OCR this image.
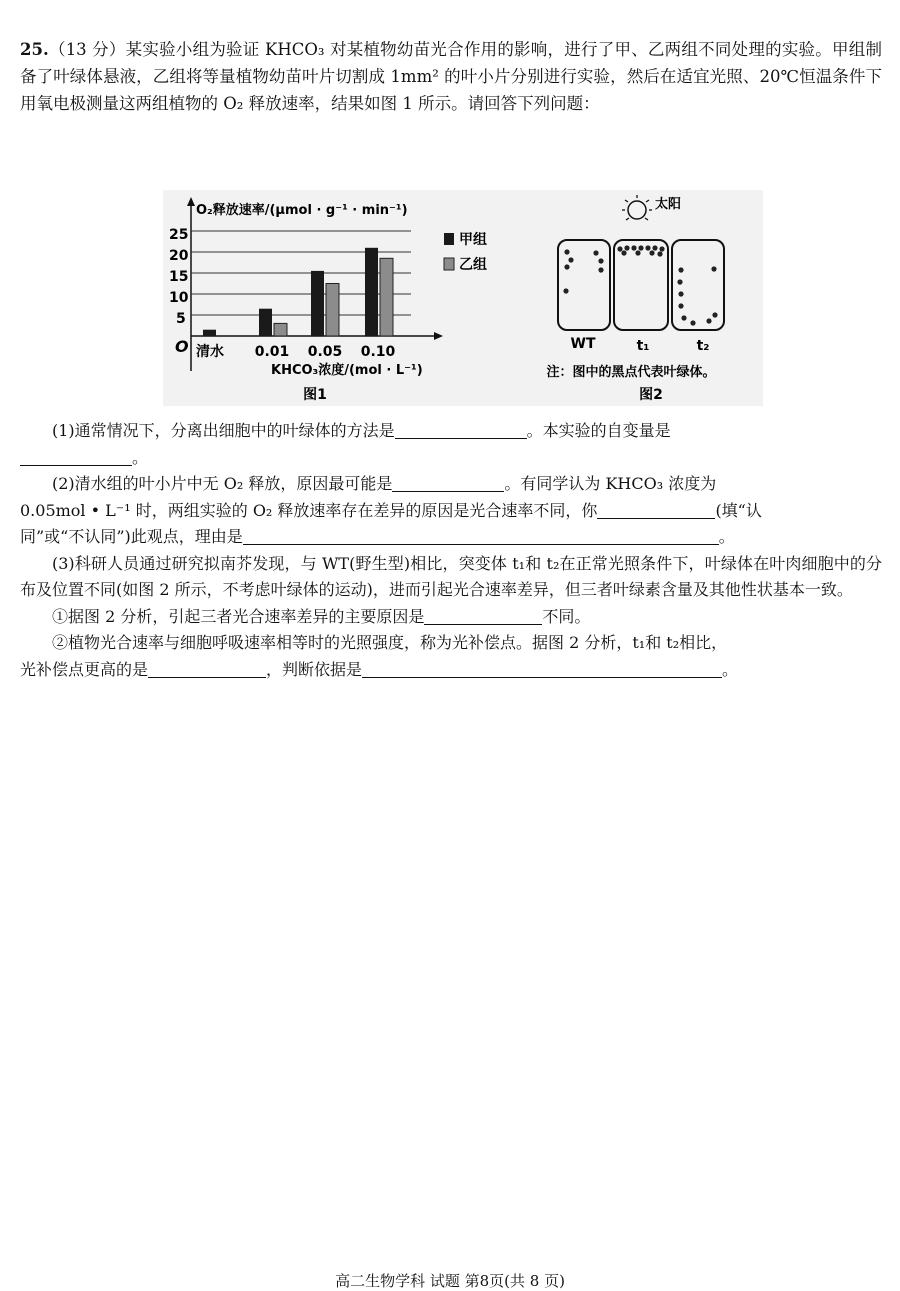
25.（13 分）某实验小组为验证 KHCO₃ 对某植物幼苗光合作用的影响，进行了甲、乙两组不同处理的实验。甲组制备了叶绿体悬液，乙组将等量植物幼苗叶片切割成 1mm² 的叶小片分别进行实验，然后在适宜光照、20℃恒温条件下用氧电极测量这两组植物的 O₂ 释放速率，结果如图 1 所示。请回答下列问题：
O₂释放速率/(μmol · g⁻¹ · min⁻¹)
25
20
15
10
5
O 清水 0.01 0.05 0.10
KHCO₃浓度/(mol · L⁻¹)
图1
甲组
乙组
太阳
WT	t₁	t₂
注：图中的黑点代表叶绿体。
图2

(1)通常情况下，分离出细胞中的叶绿体的方法是	。本实验的自变量是

。

(2)清水组的叶小片中无 O₂ 释放，原因最可能是	。有同学认为 KHCO₃ 浓度为

0.05mol • L⁻¹ 时，两组实验的 O₂ 释放速率存在差异的原因是光合速率不同，你	(填“认

同”或“不认同”)此观点，理由是	。

(3)科研人员通过研究拟南芥发现，与 WT(野生型)相比，突变体 t₁和 t₂在正常光照条件下，叶绿体在叶肉细胞中的分布及位置不同(如图 2 所示，不考虑叶绿体的运动)，进而引起光合速率差异，但三者叶绿素含量及其他性状基本一致。

①据图 2 分析，引起三者光合速率差异的主要原因是	不同。

②植物光合速率与细胞呼吸速率相等时的光照强度，称为光补偿点。据图 2 分析，t₁和 t₂相比，

光补偿点更高的是	，判断依据是	。

高二生物学科 试题 第8页(共 8 页)
